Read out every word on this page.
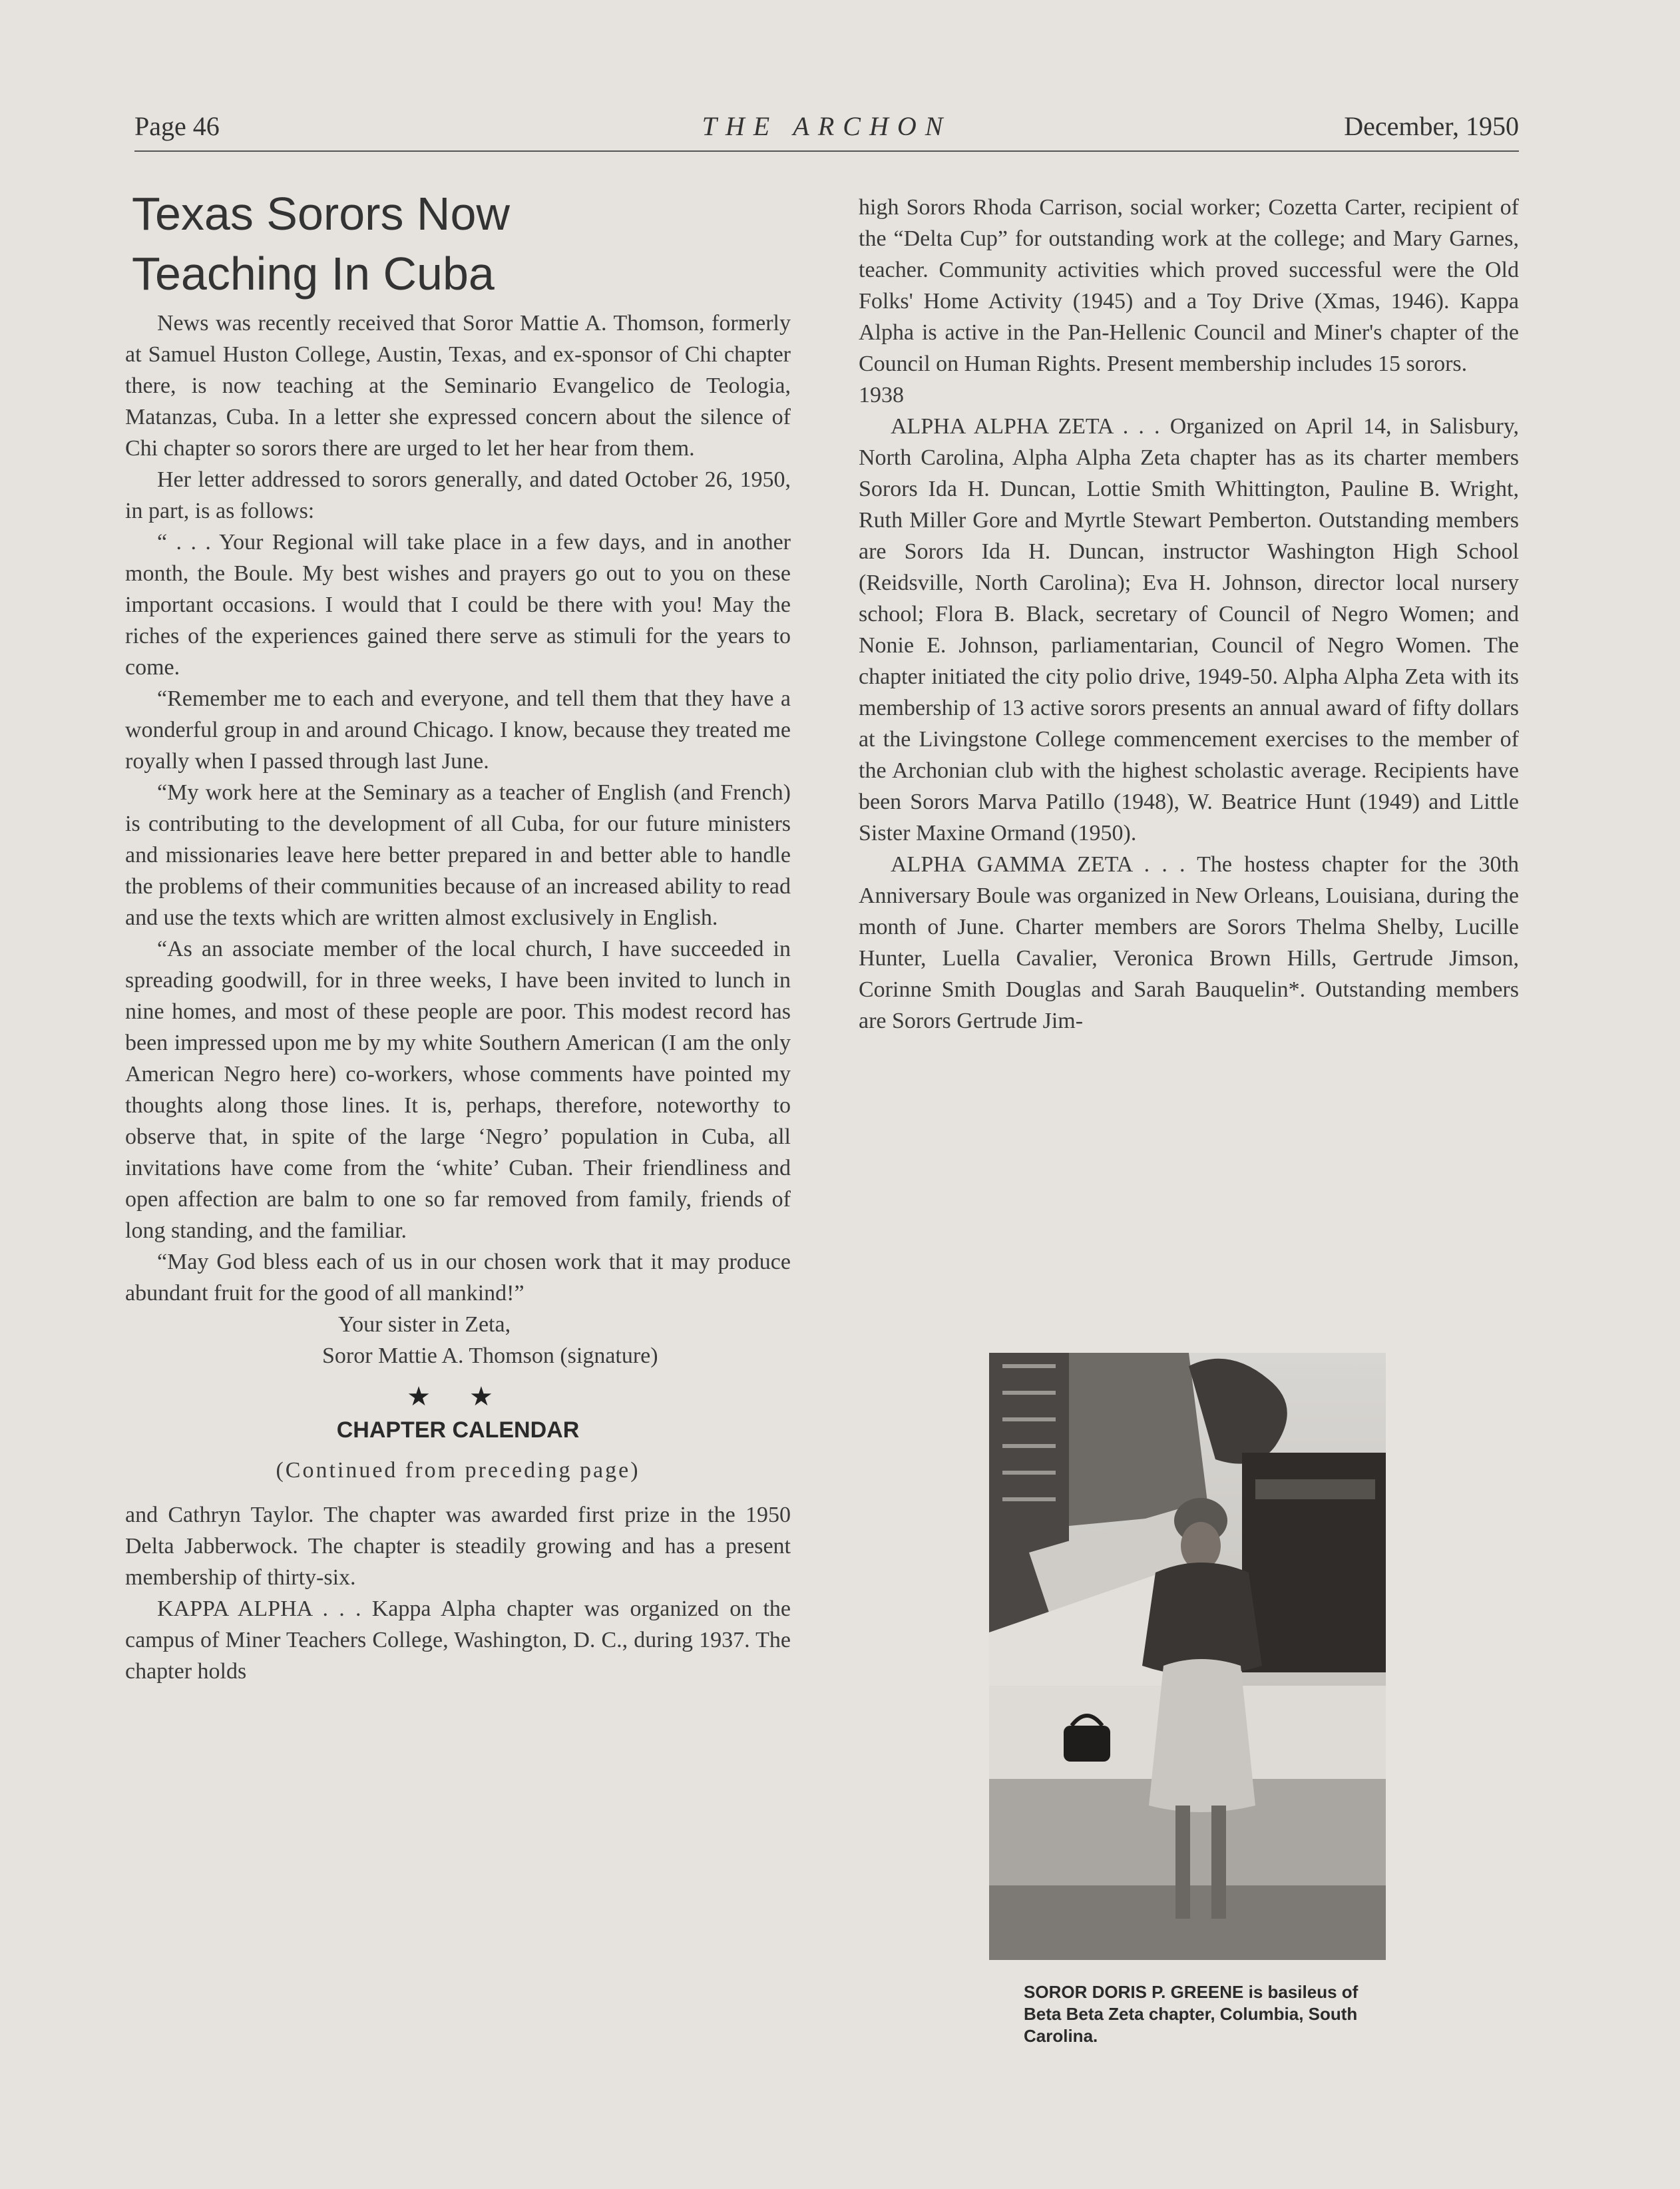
Page 46	THE ARCHON	December, 1950
Texas Sorors Now
Teaching In Cuba

News was recently received that Soror Mattie A. Thomson, formerly at Samuel Huston College, Austin, Texas, and ex-sponsor of Chi chapter there, is now teaching at the Seminario Evangelico de Teologia, Matanzas, Cuba. In a letter she expressed concern about the silence of Chi chapter so sorors there are urged to let her hear from them.

Her letter addressed to sorors generally, and dated October 26, 1950, in part, is as follows:

“ . . . Your Regional will take place in a few days, and in another month, the Boule. My best wishes and prayers go out to you on these important occasions. I would that I could be there with you! May the riches of the experiences gained there serve as stimuli for the years to come.

“Remember me to each and everyone, and tell them that they have a wonderful group in and around Chicago. I know, because they treated me royally when I passed through last June.

“My work here at the Seminary as a teacher of English (and French) is contributing to the development of all Cuba, for our future ministers and missionaries leave here better prepared in and better able to handle the problems of their communities because of an increased ability to read and use the texts which are written almost exclusively in English.

“As an associate member of the local church, I have succeeded in spreading goodwill, for in three weeks, I have been invited to lunch in nine homes, and most of these people are poor. This modest record has been impressed upon me by my white Southern American (I am the only American Negro here) co-workers, whose comments have pointed my thoughts along those lines. It is, perhaps, therefore, noteworthy to observe that, in spite of the large ‘Negro’ population in Cuba, all invitations have come from the ‘white’ Cuban. Their friendliness and open affection are balm to one so far removed from family, friends of long standing, and the familiar.

“May God bless each of us in our chosen work that it may produce abundant fruit for the good of all mankind!”

Your sister in Zeta,
Soror Mattie A. Thomson (signature)
★ ★
CHAPTER CALENDAR
(Continued from preceding page)

and Cathryn Taylor. The chapter was awarded first prize in the 1950 Delta Jabberwock. The chapter is steadily growing and has a present membership of thirty-six.

KAPPA ALPHA . . . Kappa Alpha chapter was organized on the campus of Miner Teachers College, Washington, D. C., during 1937. The chapter holds

high Sorors Rhoda Carrison, social worker; Cozetta Carter, recipient of the “Delta Cup” for outstanding work at the college; and Mary Garnes, teacher. Community activities which proved successful were the Old Folks' Home Activity (1945) and a Toy Drive (Xmas, 1946). Kappa Alpha is active in the Pan-Hellenic Council and Miner's chapter of the Council on Human Rights. Present membership includes 15 sorors.

1938

ALPHA ALPHA ZETA . . . Organized on April 14, in Salisbury, North Carolina, Alpha Alpha Zeta chapter has as its charter members Sorors Ida H. Duncan, Lottie Smith Whittington, Pauline B. Wright, Ruth Miller Gore and Myrtle Stewart Pemberton. Outstanding members are Sorors Ida H. Duncan, instructor Washington High School (Reidsville, North Carolina); Eva H. Johnson, director local nursery school; Flora B. Black, secretary of Council of Negro Women; and Nonie E. Johnson, parliamentarian, Council of Negro Women. The chapter initiated the city polio drive, 1949-50. Alpha Alpha Zeta with its membership of 13 active sorors presents an annual award of fifty dollars at the Livingstone College commencement exercises to the member of the Archonian club with the highest scholastic average. Recipients have been Sorors Marva Patillo (1948), W. Beatrice Hunt (1949) and Little Sister Maxine Ormand (1950).

ALPHA GAMMA ZETA . . . The hostess chapter for the 30th Anniversary Boule was organized in New Orleans, Louisiana, during the month of June. Charter members are Sorors Thelma Shelby, Lucille Hunter, Luella Cavalier, Veronica Brown Hills, Gertrude Jimson, Corinne Smith Douglas and Sarah Bauquelin*. Outstanding members are Sorors Gertrude Jim-

SOROR DORIS P. GREENE is basileus of Beta Beta Zeta chapter, Columbia, South Carolina.
